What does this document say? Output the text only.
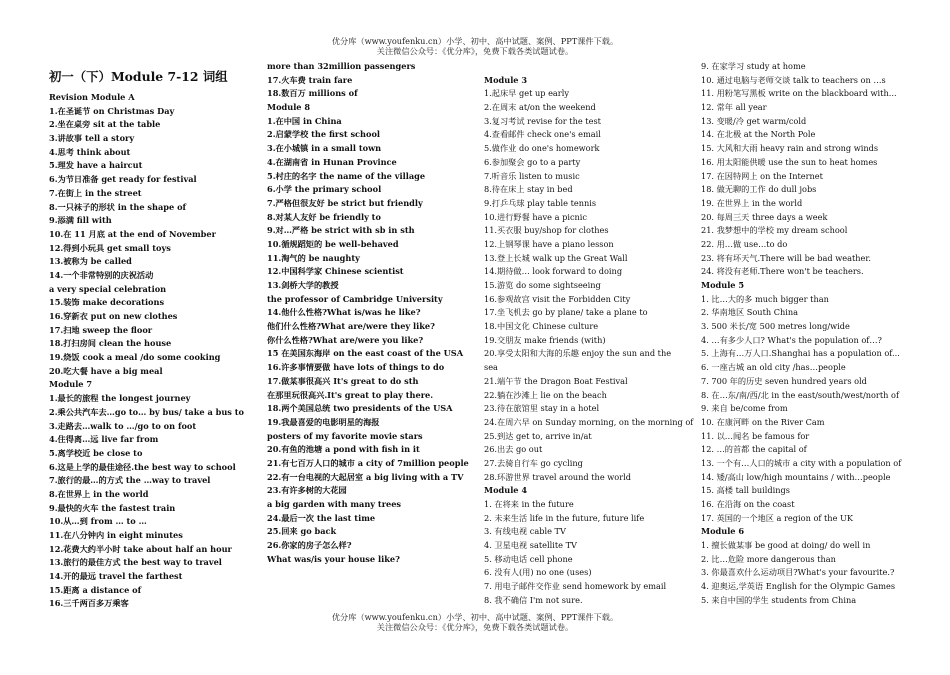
优分库（www.youfenku.cn）小学、初中、高中试题、案例、PPT课件下载。
关注微信公众号：《优分库》，免费下载各类试题试卷。
初一（下）Module 7-12 词组
Revision Module A
1.在圣诞节 on Christmas Day
2.坐在桌旁 sit at the table
3.讲故事 tell a story
4.思考 think about
5.理发 have a haircut
6.为节日准备 get ready for festival
7.在街上 in the street
8.一只袜子的形状 in the shape of
9.添满 fill with
10.在 11 月底 at the end of November
12.得到小玩具 get small toys
13.被称为 be called
14.一个非常特别的庆祝活动
a very special celebration
15.装饰 make decorations
16.穿新衣 put on new clothes
17.扫地 sweep the floor
18.打扫房间 clean the house
19.烧饭 cook a meal /do some cooking
20.吃大餐 have a big meal
Module 7
1.最长的旅程 the longest journey
2.乘公共汽车去…go to… by bus/ take a bus to
3.走路去…walk to …/go to on foot
4.住得离…远 live far from
5.离学校近 be close to
6.这是上学的最佳途径.the best way to school
7.旅行的最…的方式 the …way to travel
8.在世界上 in the world
9.最快的火车 the fastest train
10.从…到 from … to …
11.在八分钟内 in eight minutes
12.花费大约半小时 take about half an hour
13.旅行的最佳方式 the best way to travel
14.开的最远 travel the farthest
15.距离 a distance of
16.三千两百多万乘客
more than 32million passengers
17.火车费 train fare
18.数百万 millions of
Module 8
1.在中国 in China
2.启蒙学校 the first school
3.在小城镇 in a small town
4.在湖南省 in Hunan Province
5.村庄的名字 the name of the village
6.小学 the primary school
7.严格但很友好 be strict but friendly
8.对某人友好 be friendly to
9.对…严格 be strict with sb in sth
10.循规蹈矩的 be well-behaved
11.淘气的 be naughty
12.中国科学家 Chinese scientist
13.剑桥大学的教授
the professor of Cambridge University
14.他什么性格?What is/was he like?
他们什么性格?What are/were they like?
你什么性格?What are/were you like?
15 在美国东海岸 on the east coast of the USA
16.许多事情要做 have lots of things to do
17.做某事很高兴 It's great to do sth
在那里玩很高兴.It's great to play there.
18.两个美国总统 two presidents of the USA
19.我最喜爱的电影明星的海报
posters of my favorite movie stars
20.有鱼的池塘 a pond with fish in it
21.有七百万人口的城市 a city of 7million people
22.有一台电视的大起居室 a big living with a TV
23.有许多树的大花园
a big garden with many trees
24.最后一次 the last time
25.回来 go back
26.你家的房子怎么样?
What was/is your house like?
Module 3
1.起床早 get up early
2.在周末 at/on the weekend
3.复习考试 revise for the test
4.查看邮件 check one's email
5.做作业 do one's homework
6.参加聚会 go to a party
7.听音乐 listen to music
8.待在床上 stay in bed
9.打乒乓球 play table tennis
10.进行野餐 have a picnic
11.买衣服 buy/shop for clothes
12.上钢琴课 have a piano lesson
13.登上长城 walk up the Great Wall
14.期待做… look forward to doing
15.游览 do some sightseeing
16.参观故宫 visit the Forbidden City
17.坐飞机去 go by plane/ take a plane to
18.中国文化 Chinese culture
19.交朋友 make friends (with)
20.享受太阳和大海的乐趣 enjoy the sun and the
sea
21.端午节 the Dragon Boat Festival
22.躺在沙滩上 lie on the beach
23.待在旅馆里 stay in a hotel
24.在周六早 on Sunday morning, on the morning of
25.到达 get to, arrive in/at
26.出去 go out
27.去骑自行车 go cycling
28.环游世界 travel around the world
Module 4
1. 在将来 in the future
2. 未来生活 life in the future, future life
3. 有线电视 cable TV
4. 卫星电视 satellite TV
5. 移动电话 cell phone
6. 没有人(用) no one (uses)
7. 用电子邮件交作业 send homework by email
8. 我不确信 I'm not sure.
9. 在家学习 study at home
10. 通过电脑与老师交谈 talk to teachers on …s
11. 用粉笔写黑板 write on the blackboard with...
12. 常年 all year
13. 变暖/冷 get warm/cold
14. 在北极 at the North Pole
15. 大风和大雨 heavy rain and strong winds
16. 用太阳能供暖 use the sun to heat homes
17. 在因特网上 on the Internet
18. 做无聊的工作 do dull jobs
19. 在世界上 in the world
20. 每周三天 three days a week
21. 我梦想中的学校 my dream school
22. 用…做 use…to do
23. 将有坏天气.There will be bad weather.
24. 将没有老师.There won't be teachers.
Module 5
1. 比…大的多 much bigger than
2. 华南地区 South China
3. 500 米长/宽 500 metres long/wide
4. …有多少人口? What's the population of…?
5. 上海有…万人口.Shanghai has a population of...
6. 一座古城 an old city /has…people
7. 700 年的历史 seven hundred years old
8. 在…东/南/西/北 in the east/south/west/north of
9. 来自 be/come from
10. 在康河畔 on the River Cam
11. 以…闻名 be famous for
12. …的首都 the capital of
13. 一个有…人口的城市 a city with a population of
14. 矮/高山 low/high mountains / with…people
15. 高楼 tall buildings
16. 在沿海 on the coast
17. 英国的一个地区 a region of the UK
Module 6
1. 擅长做某事 be good at doing/ do well in
2. 比…危险 more dangerous than
3. 你最喜欢什么运动项目?What's your favourite.?
4. 迎奥运,学英语 English for the Olympic Games
5. 来自中国的学生 students from China
优分库（www.youfenku.cn）小学、初中、高中试题、案例、PPT课件下载。
关注微信公众号：《优分库》，免费下载各类试题试卷。
